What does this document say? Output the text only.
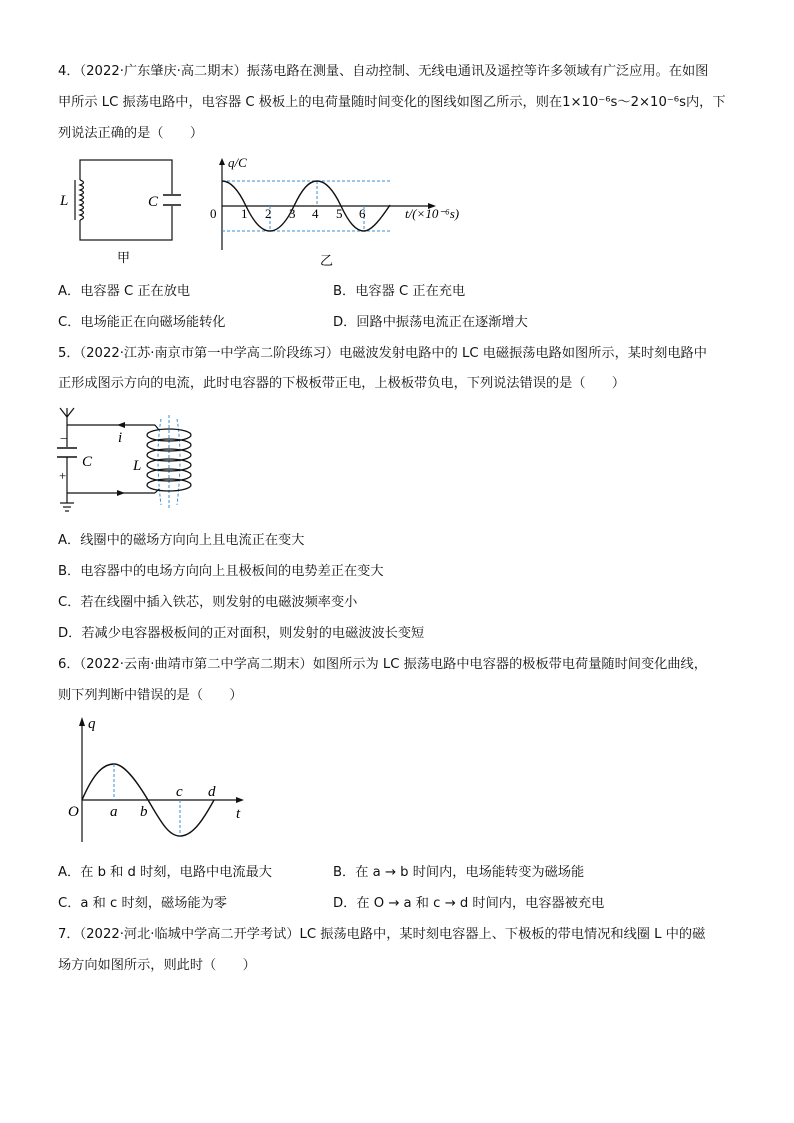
4．（2022·广东肇庆·高二期末）振荡电路在测量、自动控制、无线电通讯及遥控等许多领域有广泛应用。在如图
甲所示 LC 振荡电路中，电容器 C 极板上的电荷量随时间变化的图线如图乙所示，则在1×10⁻⁶s～2×10⁻⁶s内，下
列说法正确的是（　　）
L	C
甲
q/C
0 1 2 3 4 5 6	t/(×10⁻⁶s)
乙
A．电容器 C 正在放电	B．电容器 C 正在充电
C．电场能正在向磁场能转化	D．回路中振荡电流正在逐渐增大
5．（2022·江苏·南京市第一中学高二阶段练习）电磁波发射电路中的 LC 电磁振荡电路如图所示，某时刻电路中
正形成图示方向的电流，此时电容器的下极板带正电，上极板带负电，下列说法错误的是（　　）
i
C	L
−
+
A．线圈中的磁场方向向上且电流正在变大
B．电容器中的电场方向向上且极板间的电势差正在变大
C．若在线圈中插入铁芯，则发射的电磁波频率变小
D．若减少电容器极板间的正对面积，则发射的电磁波波长变短
6．（2022·云南·曲靖市第二中学高二期末）如图所示为 LC 振荡电路中电容器的极板带电荷量随时间变化曲线，
则下列判断中错误的是（　　）
q
t
O a b
c d
A．在 b 和 d 时刻，电路中电流最大	B．在 a → b 时间内，电场能转变为磁场能
C．a 和 c 时刻，磁场能为零	D．在 O → a 和 c → d 时间内，电容器被充电
7．（2022·河北·临城中学高二开学考试）LC 振荡电路中，某时刻电容器上、下极板的带电情况和线圈 L 中的磁
场方向如图所示，则此时（　　）
